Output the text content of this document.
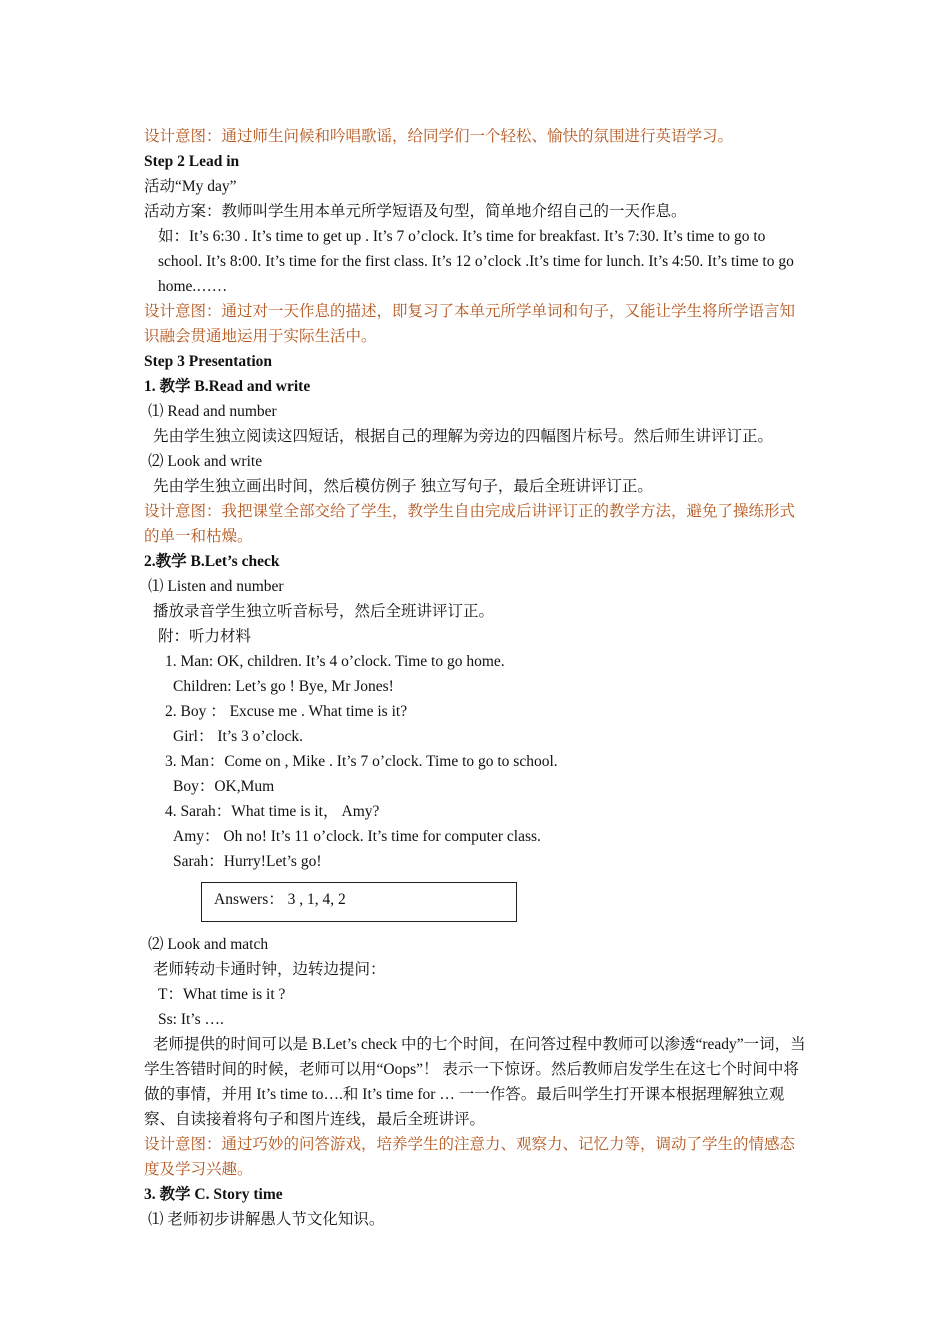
设计意图：通过师生问候和吟唱歌谣，给同学们一个轻松、愉快的氛围进行英语学习。
Step 2 Lead in
活动“My day”
活动方案：教师叫学生用本单元所学短语及句型，简单地介绍自己的一天作息。
如：It’s 6:30 . It’s time to get up . It’s 7 o’clock. It’s time for breakfast. It’s 7:30. It’s time to go to school. It’s 8:00. It’s time for the first class. It’s 12 o’clock .It’s time for lunch. It’s 4:50. It’s time to go home.……
设计意图：通过对一天作息的描述，即复习了本单元所学单词和句子，又能让学生将所学语言知识融会贯通地运用于实际生活中。
Step 3 Presentation
1. 教学 B.Read and write
⑴ Read and number
先由学生独立阅读这四短话，根据自己的理解为旁边的四幅图片标号。然后师生讲评订正。
⑵ Look and write
先由学生独立画出时间，然后模仿例子 独立写句子，最后全班讲评订正。
设计意图：我把课堂全部交给了学生，教学生自由完成后讲评订正的教学方法，避免了操练形式的单一和枯燥。
2.教学 B.Let’s check
⑴ Listen and number
播放录音学生独立听音标号，然后全班讲评订正。
附：听力材料
1. Man: OK, children. It’s 4 o’clock. Time to go home.
Children: Let’s go ! Bye, Mr Jones!
2. Boy ： Excuse me . What time is it?
Girl： It’s 3 o’clock.
3. Man：Come on , Mike . It’s 7 o’clock. Time to go to school.
Boy：OK,Mum
4. Sarah：What time is it， Amy?
Amy： Oh no! It’s 11 o’clock. It’s time for computer class.
Sarah：Hurry!Let’s go!
Answers： 3 , 1, 4, 2
⑵ Look and match
老师转动卡通时钟，边转边提问：
T：What time is it ?
Ss: It’s ….
老师提供的时间可以是 B.Let’s check 中的七个时间，在问答过程中教师可以渗透“ready”一词，当学生答错时间的时候，老师可以用“Oops”！ 表示一下惊讶。然后教师启发学生在这七个时间中将做的事情，并用 It’s time to….和 It’s time for … 一一作答。最后叫学生打开课本根据理解独立观察、自读接着将句子和图片连线，最后全班讲评。
设计意图：通过巧妙的问答游戏，培养学生的注意力、观察力、记忆力等，调动了学生的情感态度及学习兴趣。
3. 教学 C. Story time
⑴ 老师初步讲解愚人节文化知识。
